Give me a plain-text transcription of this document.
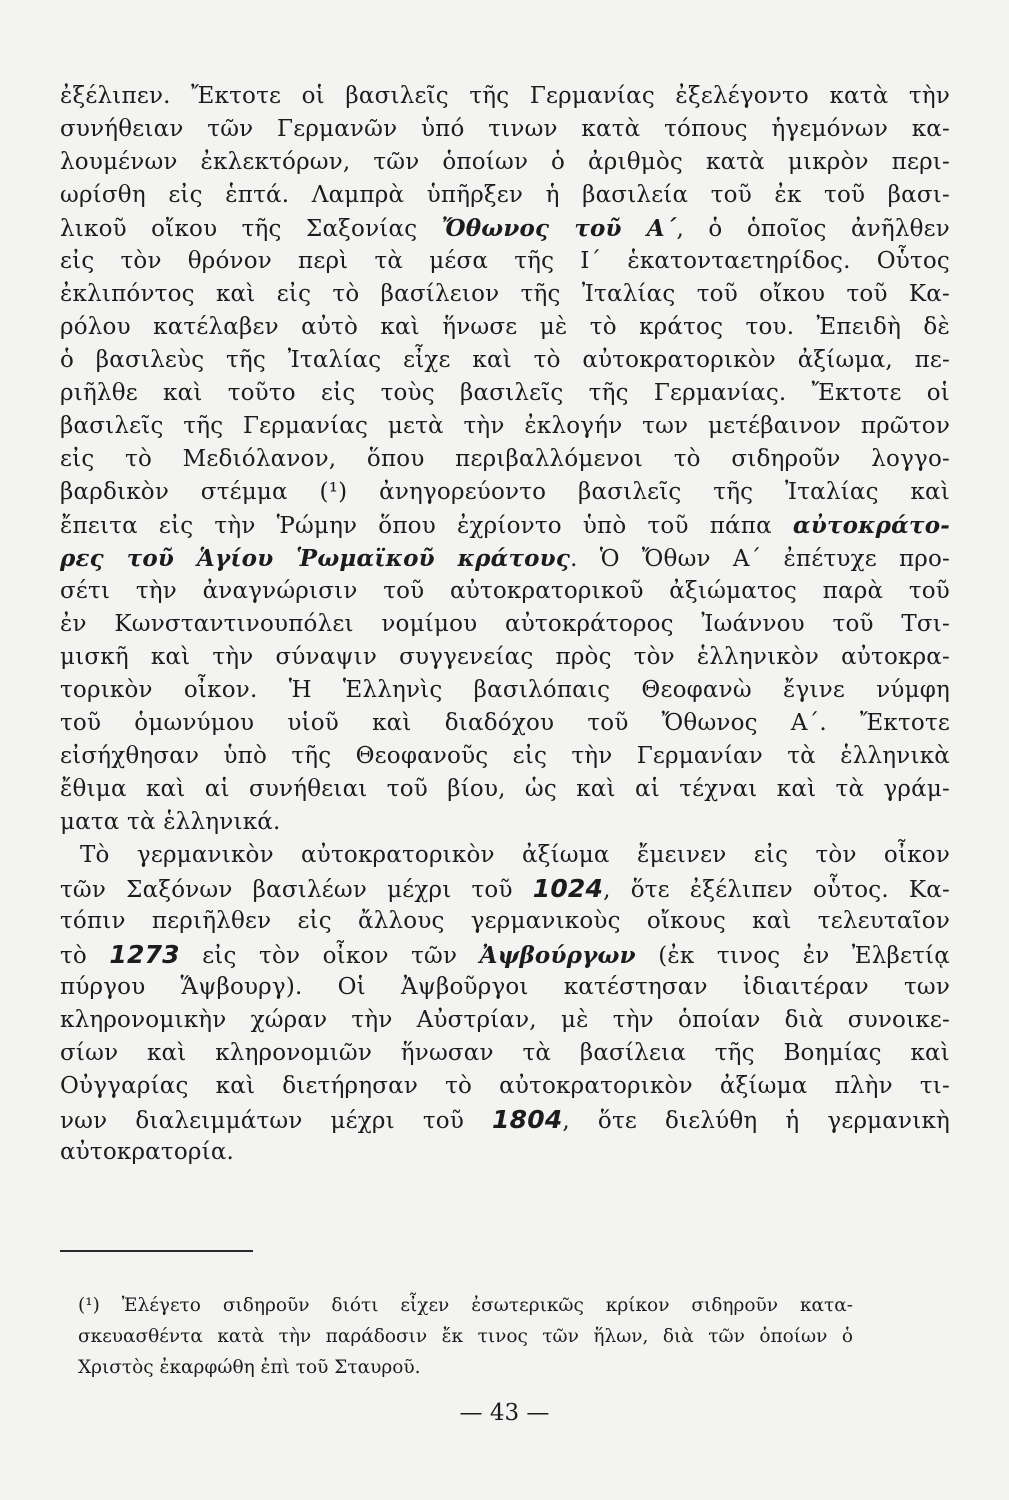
ἐξέλιπεν. Ἔκτοτε οἱ βασιλεῖς τῆς Γερμανίας ἐξελέγοντο κατὰ τὴν
συνήθειαν τῶν Γερμανῶν ὑπό τινων κατὰ τόπους ἡγεμόνων κα-
λουμένων ἐκλεκτόρων, τῶν ὁποίων ὁ ἀριθμὸς κατὰ μικρὸν περι-
ωρίσθη εἰς ἑπτά. Λαμπρὰ ὑπῆρξεν ἡ βασιλεία τοῦ ἐκ τοῦ βασι-
λικοῦ οἴκου τῆς Σαξονίας Ὄθωνος τοῦ Α΄, ὁ ὁποῖος ἀνῆλθεν
εἰς τὸν θρόνον περὶ τὰ μέσα τῆς Ι΄ ἑκατονταετηρίδος. Οὗτος
ἐκλιπόντος καὶ εἰς τὸ βασίλειον τῆς Ἰταλίας τοῦ οἴκου τοῦ Κα-
ρόλου κατέλαβεν αὐτὸ καὶ ἥνωσε μὲ τὸ κράτος του. Ἐπειδὴ δὲ
ὁ βασιλεὺς τῆς Ἰταλίας εἶχε καὶ τὸ αὐτοκρατορικὸν ἀξίωμα, πε-
ριῆλθε καὶ τοῦτο εἰς τοὺς βασιλεῖς τῆς Γερμανίας. Ἔκτοτε οἱ
βασιλεῖς τῆς Γερμανίας μετὰ τὴν ἐκλογήν των μετέβαινον πρῶτον
εἰς τὸ Μεδιόλανον, ὅπου περιβαλλόμενοι τὸ σιδηροῦν λογγο-
βαρδικὸν στέμμα (¹) ἀνηγορεύοντο βασιλεῖς τῆς Ἰταλίας καὶ
ἔπειτα εἰς τὴν Ῥώμην ὅπου ἐχρίοντο ὑπὸ τοῦ πάπα αὐτοκράτο-
ρες τοῦ Ἁγίου Ῥωμαϊκοῦ κράτους. Ὁ Ὄθων Α΄ ἐπέτυχε προ-
σέτι τὴν ἀναγνώρισιν τοῦ αὐτοκρατορικοῦ ἀξιώματος παρὰ τοῦ
ἐν Κωνσταντινουπόλει νομίμου αὐτοκράτορος Ἰωάννου τοῦ Τσι-
μισκῆ καὶ τὴν σύναψιν συγγενείας πρὸς τὸν ἑλληνικὸν αὐτοκρα-
τορικὸν οἶκον. Ἡ Ἑλληνὶς βασιλόπαις Θεοφανὼ ἔγινε νύμφη
τοῦ ὁμωνύμου υἱοῦ καὶ διαδόχου τοῦ Ὄθωνος Α΄. Ἔκτοτε
εἰσήχθησαν ὑπὸ τῆς Θεοφανοῦς εἰς τὴν Γερμανίαν τὰ ἑλληνικὰ
ἔθιμα καὶ αἱ συνήθειαι τοῦ βίου, ὡς καὶ αἱ τέχναι καὶ τὰ γράμ-
ματα τὰ ἑλληνικά.
Τὸ γερμανικὸν αὐτοκρατορικὸν ἀξίωμα ἔμεινεν εἰς τὸν οἶκον
τῶν Σαξόνων βασιλέων μέχρι τοῦ 1024, ὅτε ἐξέλιπεν οὗτος. Κα-
τόπιν περιῆλθεν εἰς ἄλλους γερμανικοὺς οἴκους καὶ τελευταῖον
τὸ 1273 εἰς τὸν οἶκον τῶν Ἀψβούργων (ἐκ τινος ἐν Ἐλβετίᾳ
πύργου Ἅψβουργ). Οἱ Ἀψβοῦργοι κατέστησαν ἰδιαιτέραν των
κληρονομικὴν χώραν τὴν Αὐστρίαν, μὲ τὴν ὁποίαν διὰ συνοικε-
σίων καὶ κληρονομιῶν ἥνωσαν τὰ βασίλεια τῆς Βοημίας καὶ
Οὐγγαρίας καὶ διετήρησαν τὸ αὐτοκρατορικὸν ἀξίωμα πλὴν τι-
νων διαλειμμάτων μέχρι τοῦ 1804, ὅτε διελύθη ἡ γερμανικὴ
αὐτοκρατορία.
(¹) Ἐλέγετο σιδηροῦν διότι εἶχεν ἐσωτερικῶς κρίκον σιδηροῦν κατα-
σκευασθέντα κατὰ τὴν παράδοσιν ἔκ τινος τῶν ἥλων, διὰ τῶν ὁποίων ὁ
Χριστὸς ἐκαρφώθη ἐπὶ τοῦ Σταυροῦ.
— 43 —
